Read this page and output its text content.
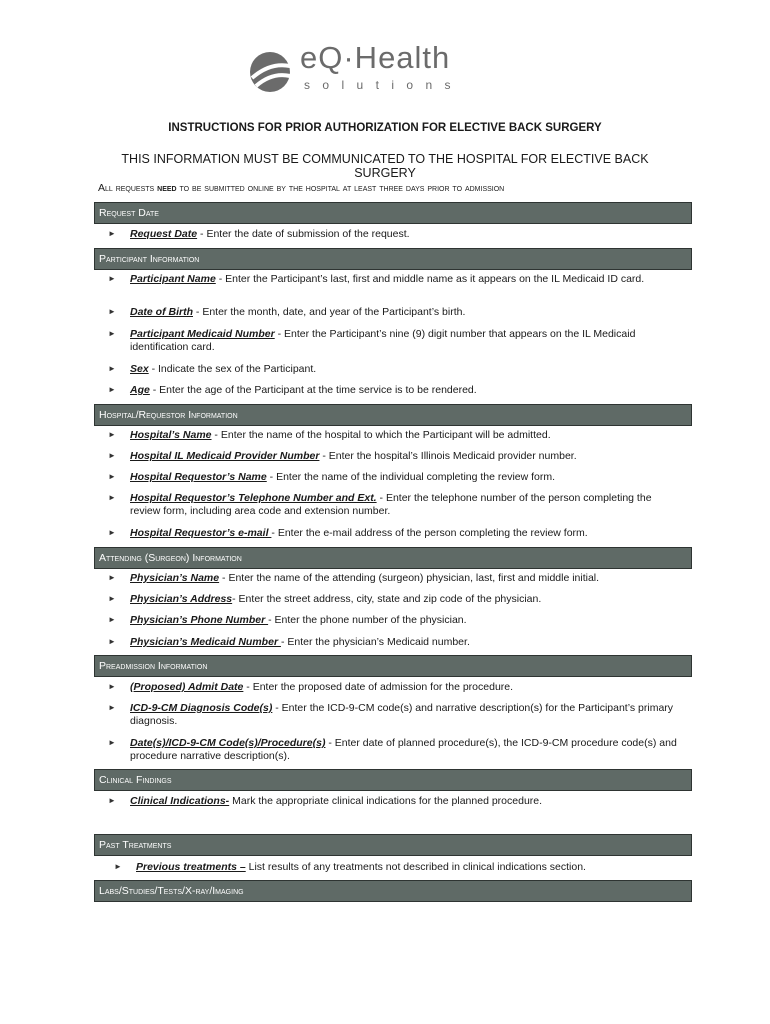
eQ·Health
solutions
INSTRUCTIONS FOR PRIOR AUTHORIZATION FOR ELECTIVE BACK SURGERY
THIS INFORMATION MUST BE COMMUNICATED TO THE HOSPITAL FOR ELECTIVE BACK SURGERY
All requests need to be submitted online by the hospital at least three days prior to admission
Request Date
► Request Date - Enter the date of submission of the request.
Participant Information
► Participant Name - Enter the Participant’s last, first and middle name as it appears on the IL Medicaid ID card.
► Date of Birth - Enter the month, date, and year of the Participant’s birth.
► Participant Medicaid Number - Enter the Participant’s nine (9) digit number that appears on the IL Medicaid identification card.
► Sex - Indicate the sex of the Participant.
► Age - Enter the age of the Participant at the time service is to be rendered.
Hospital/Requestor Information
► Hospital’s Name - Enter the name of the hospital to which the Participant will be admitted.
► Hospital IL Medicaid Provider Number - Enter the hospital’s Illinois Medicaid provider number.
► Hospital Requestor’s Name - Enter the name of the individual completing the review form.
► Hospital Requestor’s Telephone Number and Ext. - Enter the telephone number of the person completing the review form, including area code and extension number.
► Hospital Requestor’s e-mail - Enter the e-mail address of the person completing the review form.
Attending (Surgeon) Information
► Physician’s Name - Enter the name of the attending (surgeon) physician, last, first and middle initial.
► Physician’s Address- Enter the street address, city, state and zip code of the physician.
► Physician’s Phone Number - Enter the phone number of the physician.
► Physician’s Medicaid Number - Enter the physician’s Medicaid number.
Preadmission Information
► (Proposed) Admit Date - Enter the proposed date of admission for the procedure.
► ICD-9-CM Diagnosis Code(s) - Enter the ICD-9-CM code(s) and narrative description(s) for the Participant’s primary diagnosis.
► Date(s)/ICD-9-CM Code(s)/Procedure(s) - Enter date of planned procedure(s), the ICD-9-CM procedure code(s) and procedure narrative description(s).
Clinical Findings
► Clinical Indications- Mark the appropriate clinical indications for the planned procedure.
Past Treatments
► Previous treatments – List results of any treatments not described in clinical indications section.
Labs/Studies/Tests/X-ray/Imaging
